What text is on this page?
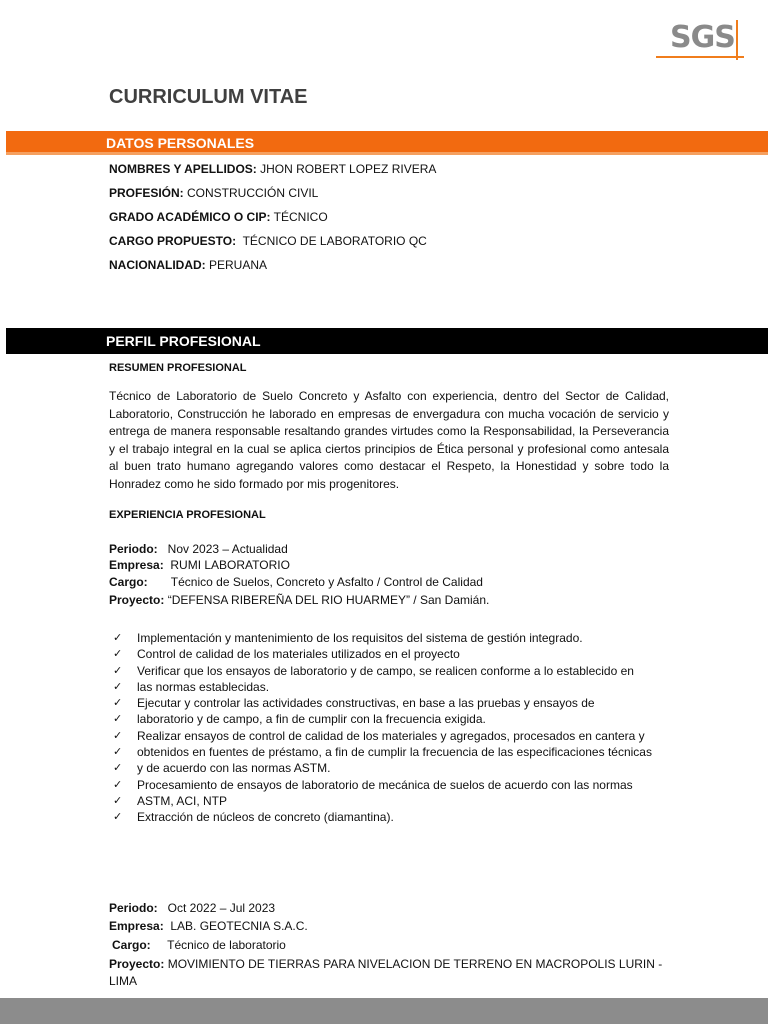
SGS
CURRICULUM VITAE
DATOS PERSONALES
NOMBRES Y APELLIDOS: JHON ROBERT LOPEZ RIVERA
PROFESIÓN: CONSTRUCCIÓN CIVIL
GRADO ACADÉMICO O CIP: TÉCNICO
CARGO PROPUESTO:  TÉCNICO DE LABORATORIO QC
NACIONALIDAD: PERUANA
PERFIL PROFESIONAL
RESUMEN PROFESIONAL
Técnico de Laboratorio de Suelo Concreto y Asfalto con experiencia, dentro del Sector de Calidad, Laboratorio, Construcción he laborado en empresas de envergadura con mucha vocación de servicio y entrega de manera responsable resaltando grandes virtudes como la Responsabilidad, la Perseverancia y el trabajo integral en la cual se aplica ciertos principios de Ética personal y profesional como antesala al buen trato humano agregando valores como destacar el Respeto, la Honestidad y sobre todo la Honradez como he sido formado por mis progenitores.
EXPERIENCIA PROFESIONAL
Periodo:   Nov 2023 – Actualidad
Empresa:  RUMI LABORATORIO
Cargo:       Técnico de Suelos, Concreto y Asfalto / Control de Calidad
Proyecto: “DEFENSA RIBEREÑA DEL RIO HUARMEY” / San Damián.
✓ Implementación y mantenimiento de los requisitos del sistema de gestión integrado.
✓ Control de calidad de los materiales utilizados en el proyecto
✓ Verificar que los ensayos de laboratorio y de campo, se realicen conforme a lo establecido en
✓ las normas establecidas.
✓ Ejecutar y controlar las actividades constructivas, en base a las pruebas y ensayos de
✓ laboratorio y de campo, a fin de cumplir con la frecuencia exigida.
✓ Realizar ensayos de control de calidad de los materiales y agregados, procesados en cantera y
✓ obtenidos en fuentes de préstamo, a fin de cumplir la frecuencia de las especificaciones técnicas
✓ y de acuerdo con las normas ASTM.
✓ Procesamiento de ensayos de laboratorio de mecánica de suelos de acuerdo con las normas
✓ ASTM, ACI, NTP
✓ Extracción de núcleos de concreto (diamantina).
Periodo:   Oct 2022 – Jul 2023
Empresa:  LAB. GEOTECNIA S.A.C.
Cargo:     Técnico de laboratorio
Proyecto: MOVIMIENTO DE TIERRAS PARA NIVELACION DE TERRENO EN MACROPOLIS LURIN - LIMA
